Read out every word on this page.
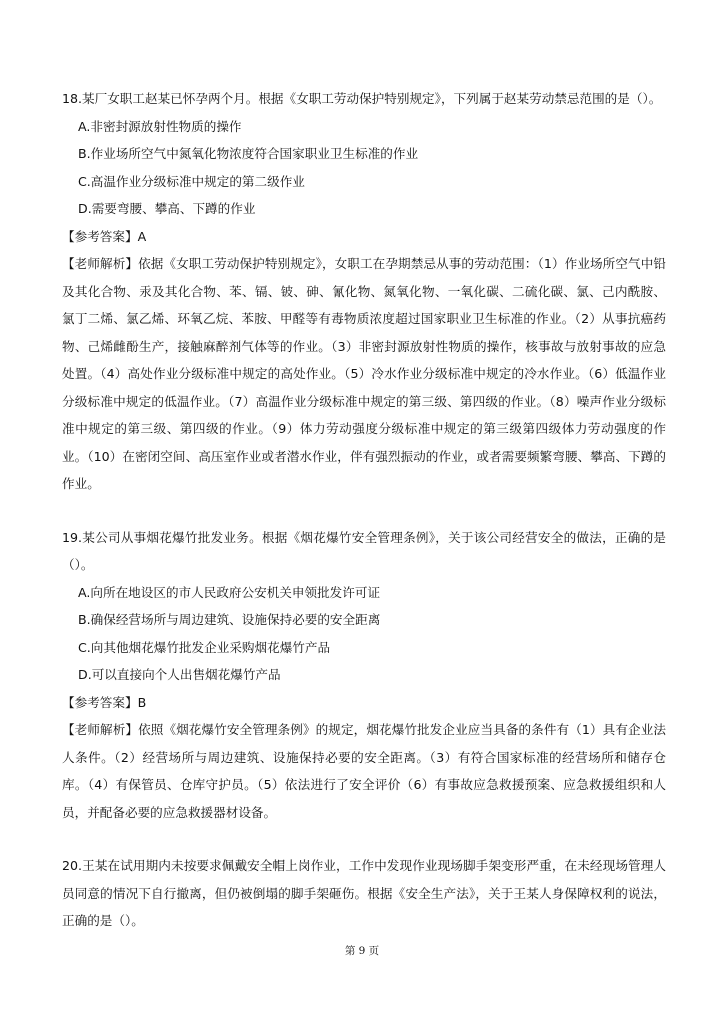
18.某厂女职工赵某已怀孕两个月。根据《女职工劳动保护特别规定》，下列属于赵某劳动禁忌范围的是（）。

A.非密封源放射性物质的操作

B.作业场所空气中氮氧化物浓度符合国家职业卫生标准的作业

C.高温作业分级标准中规定的第二级作业

D.需要弯腰、攀高、下蹲的作业

【参考答案】A

【老师解析】依据《女职工劳动保护特别规定》，女职工在孕期禁忌从事的劳动范围：（1）作业场所空气中铅及其化合物、汞及其化合物、苯、镉、铍、砷、氰化物、氮氧化物、一氧化碳、二硫化碳、氯、己内酰胺、氯丁二烯、氯乙烯、环氧乙烷、苯胺、甲醛等有毒物质浓度超过国家职业卫生标准的作业。（2）从事抗癌药物、己烯雌酚生产，接触麻醉剂气体等的作业。（3）非密封源放射性物质的操作，核事故与放射事故的应急处置。（4）高处作业分级标准中规定的高处作业。（5）冷水作业分级标准中规定的冷水作业。（6）低温作业分级标准中规定的低温作业。（7）高温作业分级标准中规定的第三级、第四级的作业。（8）噪声作业分级标准中规定的第三级、第四级的作业。（9）体力劳动强度分级标准中规定的第三级第四级体力劳动强度的作业。（10）在密闭空间、高压室作业或者潜水作业，伴有强烈振动的作业，或者需要频繁弯腰、攀高、下蹲的作业。

19.某公司从事烟花爆竹批发业务。根据《烟花爆竹安全管理条例》，关于该公司经营安全的做法，正确的是（）。

A.向所在地设区的市人民政府公安机关申领批发许可证

B.确保经营场所与周边建筑、设施保持必要的安全距离

C.向其他烟花爆竹批发企业采购烟花爆竹产品

D.可以直接向个人出售烟花爆竹产品

【参考答案】B

【老师解析】依照《烟花爆竹安全管理条例》的规定，烟花爆竹批发企业应当具备的条件有（1）具有企业法人条件。（2）经营场所与周边建筑、设施保持必要的安全距离。（3）有符合国家标准的经营场所和储存仓库。（4）有保管员、仓库守护员。（5）依法进行了安全评价（6）有事故应急救援预案、应急救援组织和人员，并配备必要的应急救援器材设备。

20.王某在试用期内未按要求佩戴安全帽上岗作业，工作中发现作业现场脚手架变形严重，在未经现场管理人员同意的情况下自行撤离，但仍被倒塌的脚手架砸伤。根据《安全生产法》，关于王某人身保障权利的说法，正确的是（）。

第 9 页
